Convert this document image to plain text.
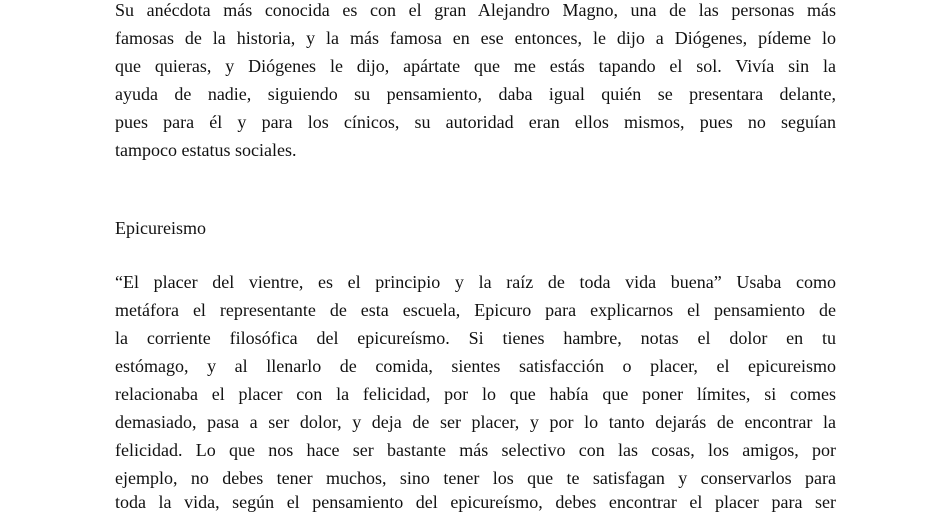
Su anécdota más conocida es con el gran Alejandro Magno, una de las personas más
famosas de la historia, y la más famosa en ese entonces, le dijo a Diógenes, pídeme lo
que quieras, y Diógenes le dijo, apártate que me estás tapando el sol. Vivía sin la
ayuda de nadie, siguiendo su pensamiento, daba igual quién se presentara delante,
pues para él y para los cínicos, su autoridad eran ellos mismos, pues no seguían
tampoco estatus sociales.
Epicureismo
“El placer del vientre, es el principio y la raíz de toda vida buena” Usaba como
metáfora el representante de esta escuela, Epicuro para explicarnos el pensamiento de
la corriente filosófica del epicureísmo. Si tienes hambre, notas el dolor en tu
estómago, y al llenarlo de comida, sientes satisfacción o placer, el epicureismo
relacionaba el placer con la felicidad, por lo que había que poner límites, si comes
demasiado, pasa a ser dolor, y deja de ser placer, y por lo tanto dejarás de encontrar la
felicidad. Lo que nos hace ser bastante más selectivo con las cosas, los amigos, por
ejemplo, no debes tener muchos, sino tener los que te satisfagan y conservarlos para
toda la vida, según el pensamiento del epicureísmo, debes encontrar el placer para ser
